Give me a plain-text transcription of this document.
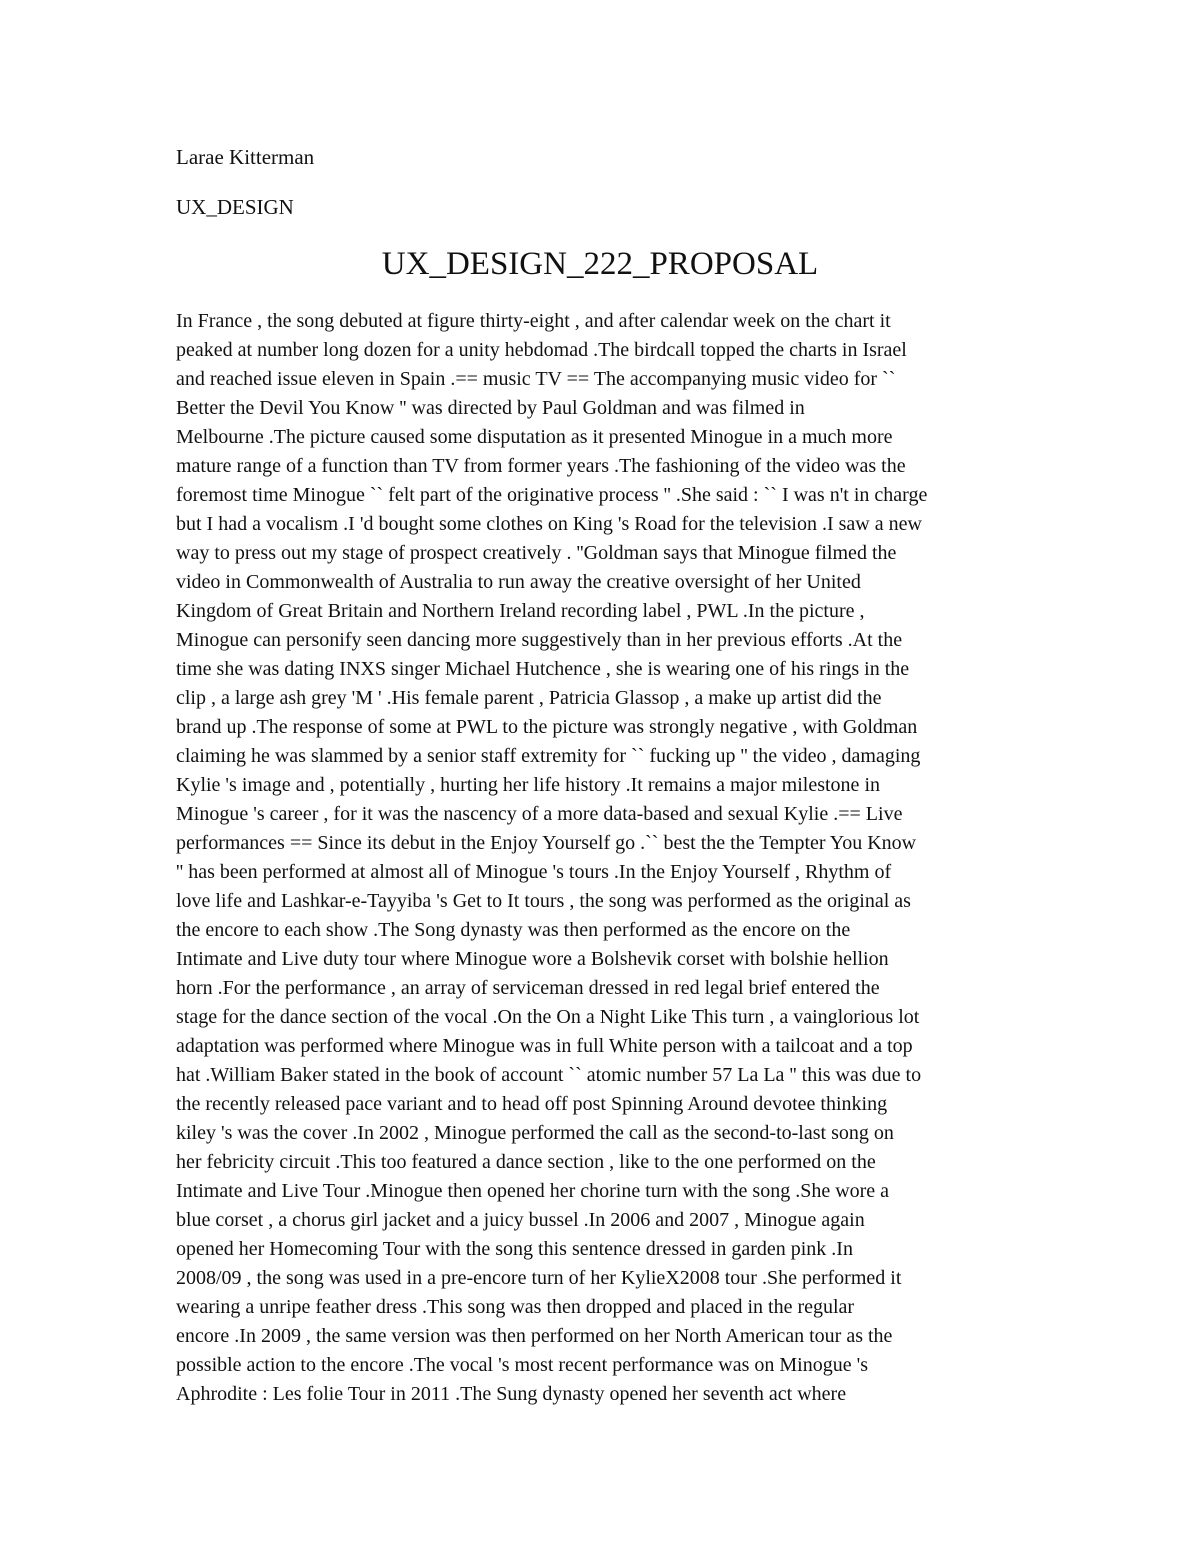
Larae Kitterman
UX_DESIGN
UX_DESIGN_222_PROPOSAL
In France , the song debuted at figure thirty-eight , and after calendar week on the chart it
peaked at number long dozen for a unity hebdomad .The birdcall topped the charts in Israel
and reached issue eleven in Spain .== music TV == The accompanying music video for ``
Better the Devil You Know '' was directed by Paul Goldman and was filmed in
Melbourne .The picture caused some disputation as it presented Minogue in a much more
mature range of a function than TV from former years .The fashioning of the video was the
foremost time Minogue `` felt part of the originative process '' .She said : `` I was n't in charge
but I had a vocalism .I 'd bought some clothes on King 's Road for the television .I saw a new
way to press out my stage of prospect creatively . ''Goldman says that Minogue filmed the
video in Commonwealth of Australia to run away the creative oversight of her United
Kingdom of Great Britain and Northern Ireland recording label , PWL .In the picture ,
Minogue can personify seen dancing more suggestively than in her previous efforts .At the
time she was dating INXS singer Michael Hutchence , she is wearing one of his rings in the
clip , a large ash grey 'M ' .His female parent , Patricia Glassop , a make up artist did the
brand up .The response of some at PWL to the picture was strongly negative , with Goldman
claiming he was slammed by a senior staff extremity for `` fucking up '' the video , damaging
Kylie 's image and , potentially , hurting her life history .It remains a major milestone in
Minogue 's career , for it was the nascency of a more data-based and sexual Kylie .== Live
performances == Since its debut in the Enjoy Yourself go .`` best the the Tempter You Know
'' has been performed at almost all of Minogue 's tours .In the Enjoy Yourself , Rhythm of
love life and Lashkar-e-Tayyiba 's Get to It tours , the song was performed as the original as
the encore to each show .The Song dynasty was then performed as the encore on the
Intimate and Live duty tour where Minogue wore a Bolshevik corset with bolshie hellion
horn .For the performance , an array of serviceman dressed in red legal brief entered the
stage for the dance section of the vocal .On the On a Night Like This turn , a vainglorious lot
adaptation was performed where Minogue was in full White person with a tailcoat and a top
hat .William Baker stated in the book of account `` atomic number 57 La La '' this was due to
the recently released pace variant and to head off post Spinning Around devotee thinking
kiley 's was the cover .In 2002 , Minogue performed the call as the second-to-last song on
her febricity circuit .This too featured a dance section , like to the one performed on the
Intimate and Live Tour .Minogue then opened her chorine turn with the song .She wore a
blue corset , a chorus girl jacket and a juicy bussel .In 2006 and 2007 , Minogue again
opened her Homecoming Tour with the song this sentence dressed in garden pink .In
2008/09 , the song was used in a pre-encore turn of her KylieX2008 tour .She performed it
wearing a unripe feather dress .This song was then dropped and placed in the regular
encore .In 2009 , the same version was then performed on her North American tour as the
possible action to the encore .The vocal 's most recent performance was on Minogue 's
Aphrodite : Les folie Tour in 2011 .The Sung dynasty opened her seventh act where
